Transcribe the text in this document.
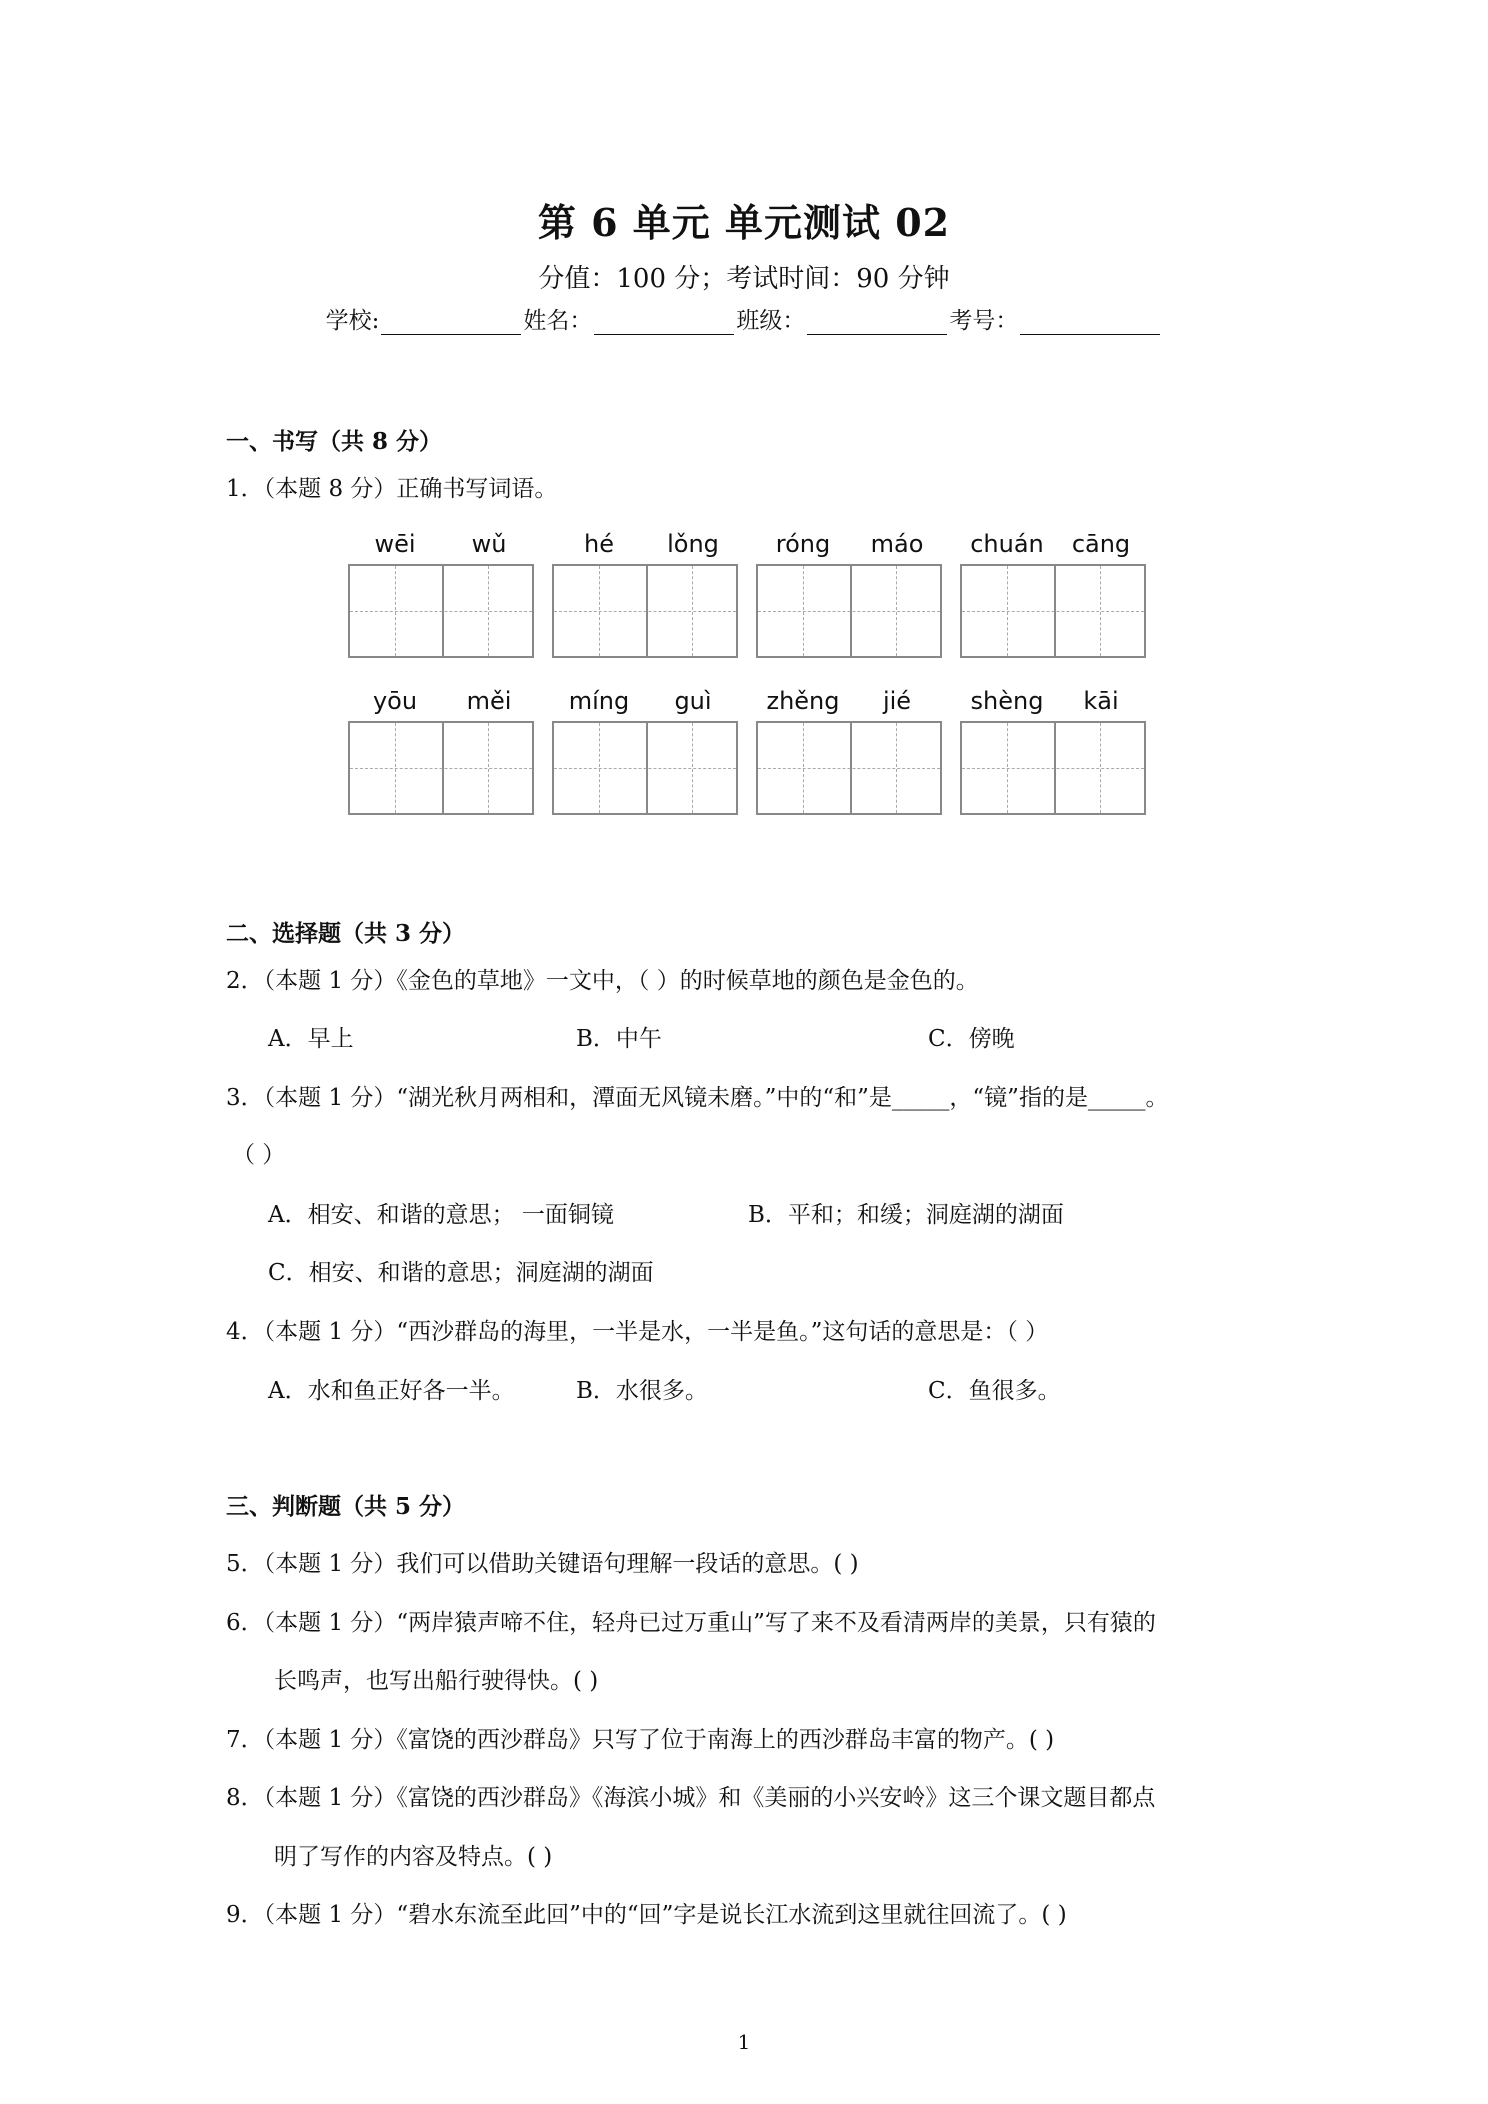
第 6 单元 单元测试 02
分值：100 分；考试时间：90 分钟
学校:	姓名：	班级：	考号：
一、书写（共 8 分）
1．（本题 8 分）正确书写词语。
wēi	wǔ	hé	lǒng	róng	máo	chuán	cāng
yōu	měi	míng	guì	zhěng	jié	shèng	kāi
二、选择题（共 3 分）
2．（本题 1 分）《金色的草地》一文中，（ ）的时候草地的颜色是金色的。
A．早上	B．中午	C．傍晚
3．（本题 1 分）“湖光秋月两相和，潭面无风镜未磨。”中的“和”是_____，“镜”指的是_____。
（ ）
A．相安、和谐的意思； 一面铜镜	B．平和；和缓；洞庭湖的湖面
C．相安、和谐的意思；洞庭湖的湖面
4．（本题 1 分）“西沙群岛的海里，一半是水，一半是鱼。”这句话的意思是：（ ）
A．水和鱼正好各一半。	B．水很多。	C．鱼很多。
三、判断题（共 5 分）
5．（本题 1 分）我们可以借助关键语句理解一段话的意思。( )
6．（本题 1 分）“两岸猿声啼不住，轻舟已过万重山”写了来不及看清两岸的美景，只有猿的
长鸣声，也写出船行驶得快。( )
7．（本题 1 分）《富饶的西沙群岛》只写了位于南海上的西沙群岛丰富的物产。( )
8．（本题 1 分）《富饶的西沙群岛》《海滨小城》和《美丽的小兴安岭》这三个课文题目都点
明了写作的内容及特点。( )
9．（本题 1 分）“碧水东流至此回”中的“回”字是说长江水流到这里就往回流了。( )
1
